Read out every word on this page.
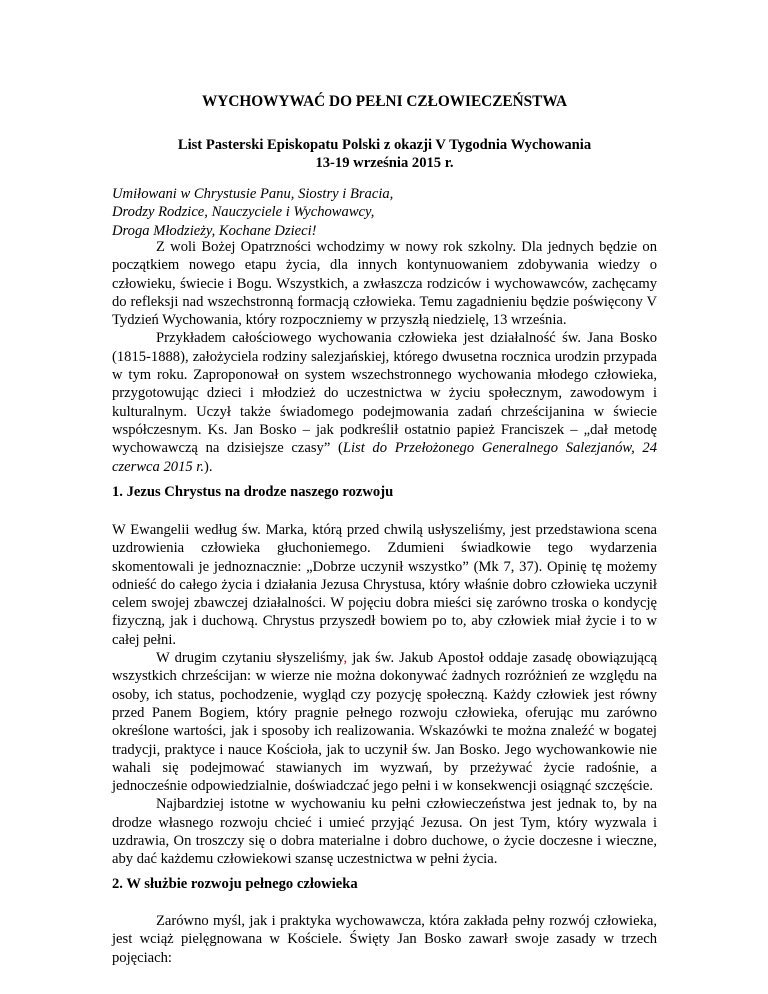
WYCHOWYWAĆ DO PEŁNI CZŁOWIECZEŃSTWA
List Pasterski Episkopatu Polski z okazji V Tygodnia Wychowania
13-19 września 2015 r.
Umiłowani w Chrystusie Panu, Siostry i Bracia,
Drodzy Rodzice, Nauczyciele i Wychowawcy,
Droga Młodzieży, Kochane Dzieci!

Z woli Bożej Opatrzności wchodzimy w nowy rok szkolny. Dla jednych będzie on początkiem nowego etapu życia, dla innych kontynuowaniem zdobywania wiedzy o człowieku, świecie i Bogu. Wszystkich, a zwłaszcza rodziców i wychowawców, zachęcamy do refleksji nad wszechstronną formacją człowieka. Temu zagadnieniu będzie poświęcony V Tydzień Wychowania, który rozpoczniemy w przyszłą niedzielę, 13 września.

Przykładem całościowego wychowania człowieka jest działalność św. Jana Bosko (1815-1888), założyciela rodziny salezjańskiej, którego dwusetna rocznica urodzin przypada w tym roku. Zaproponował on system wszechstronnego wychowania młodego człowieka, przygotowując dzieci i młodzież do uczestnictwa w życiu społecznym, zawodowym i kulturalnym. Uczył także świadomego podejmowania zadań chrześcijanina w świecie współczesnym. Ks. Jan Bosko – jak podkreślił ostatnio papież Franciszek – „dał metodę wychowawczą na dzisiejsze czasy” (List do Przełożonego Generalnego Salezjanów, 24 czerwca 2015 r.).

1. Jezus Chrystus na drodze naszego rozwoju

W Ewangelii według św. Marka, którą przed chwilą usłyszeliśmy, jest przedstawiona scena uzdrowienia człowieka głuchoniemego. Zdumieni świadkowie tego wydarzenia skomentowali je jednoznacznie: „Dobrze uczynił wszystko” (Mk 7, 37). Opinię tę możemy odnieść do całego życia i działania Jezusa Chrystusa, który właśnie dobro człowieka uczynił celem swojej zbawczej działalności. W pojęciu dobra mieści się zarówno troska o kondycję fizyczną, jak i duchową. Chrystus przyszedł bowiem po to, aby człowiek miał życie i to w całej pełni.

W drugim czytaniu słyszeliśmy, jak św. Jakub Apostoł oddaje zasadę obowiązującą wszystkich chrześcijan: w wierze nie można dokonywać żadnych rozróżnień ze względu na osoby, ich status, pochodzenie, wygląd czy pozycję społeczną. Każdy człowiek jest równy przed Panem Bogiem, który pragnie pełnego rozwoju człowieka, oferując mu zarówno określone wartości, jak i sposoby ich realizowania. Wskazówki te można znaleźć w bogatej tradycji, praktyce i nauce Kościoła, jak to uczynił św. Jan Bosko. Jego wychowankowie nie wahali się podejmować stawianych im wyzwań, by przeżywać życie radośnie, a jednocześnie odpowiedzialnie, doświadczać jego pełni i w konsekwencji osiągnąć szczęście.

Najbardziej istotne w wychowaniu ku pełni człowieczeństwa jest jednak to, by na drodze własnego rozwoju chcieć i umieć przyjąć Jezusa. On jest Tym, który wyzwala i uzdrawia, On troszczy się o dobra materialne i dobro duchowe, o życie doczesne i wieczne, aby dać każdemu człowiekowi szansę uczestnictwa w pełni życia.

2. W służbie rozwoju pełnego człowieka

Zarówno myśl, jak i praktyka wychowawcza, która zakłada pełny rozwój człowieka, jest wciąż pielęgnowana w Kościele. Święty Jan Bosko zawarł swoje zasady w trzech pojęciach:
